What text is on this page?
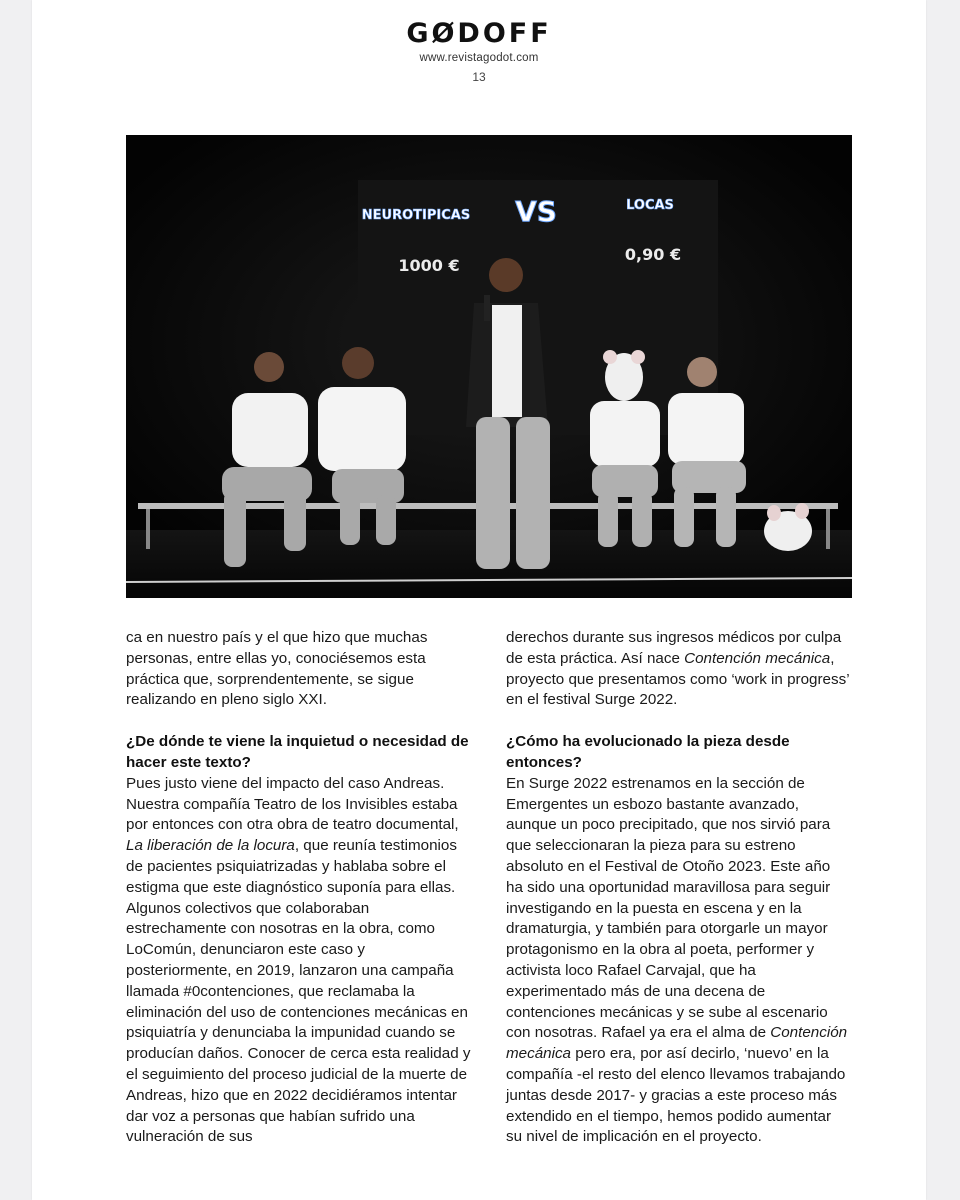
GØDOFF
www.revistagodot.com
13
NEUROTIPICAS VS	LOCAS
1000 €
0,90 €

ca en nuestro país y el que hizo que muchas personas, entre ellas yo, conociésemos esta práctica que, sorprendentemente, se sigue realizando en pleno siglo XXI.

¿De dónde te viene la inquietud o necesidad de hacer este texto?

Pues justo viene del impacto del caso Andreas. Nuestra compañía Teatro de los Invisibles estaba por entonces con otra obra de teatro documental, La liberación de la locura, que reunía testimonios de pacientes psiquiatrizadas y hablaba sobre el estigma que este diagnóstico suponía para ellas. Algunos colectivos que colaboraban estrechamente con nosotras en la obra, como LoComún, denunciaron este caso y posteriormente, en 2019, lanzaron una campaña llamada #0contenciones, que reclamaba la eliminación del uso de contenciones mecánicas en psiquiatría y denunciaba la impunidad cuando se producían daños. Conocer de cerca esta realidad y el seguimiento del proceso judicial de la muerte de Andreas, hizo que en 2022 decidiéramos intentar dar voz a personas que habían sufrido una vulneración de sus

derechos durante sus ingresos médicos por culpa de esta práctica. Así nace Contención mecánica, proyecto que presentamos como ‘work in progress’ en el festival Surge 2022.

¿Cómo ha evolucionado la pieza desde entonces?

En Surge 2022 estrenamos en la sección de Emergentes un esbozo bastante avanzado, aunque un poco precipitado, que nos sirvió para que seleccionaran la pieza para su estreno absoluto en el Festival de Otoño 2023. Este año ha sido una oportunidad maravillosa para seguir investigando en la puesta en escena y en la dramaturgia, y también para otorgarle un mayor protagonismo en la obra al poeta, performer y activista loco Rafael Carvajal, que ha experimentado más de una decena de contenciones mecánicas y se sube al escenario con nosotras. Rafael ya era el alma de Contención mecánica pero era, por así decirlo, ‘nuevo’ en la compañía -el resto del elenco llevamos trabajando juntas desde 2017- y gracias a este proceso más extendido en el tiempo, hemos podido aumentar su nivel de implicación en el proyecto.
